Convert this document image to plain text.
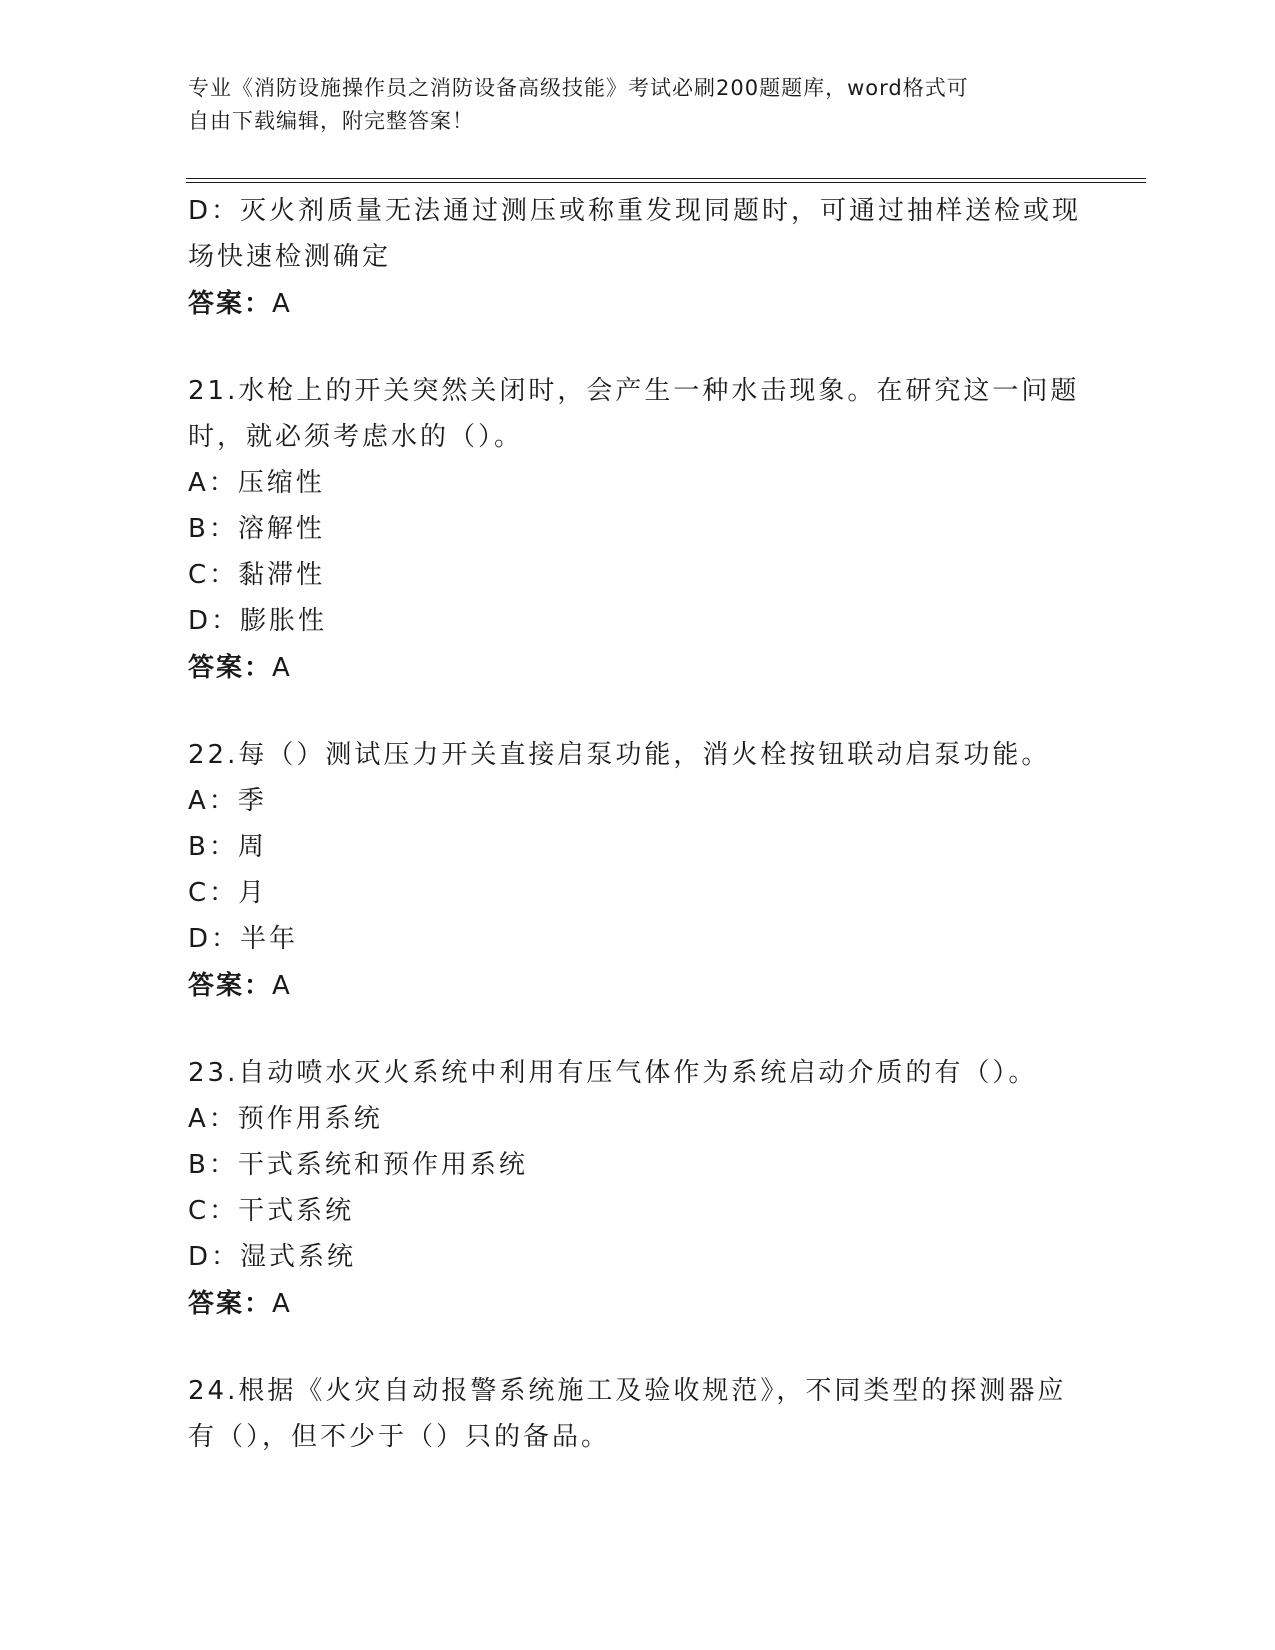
专业《消防设施操作员之消防设备高级技能》考试必刷200题题库，word格式可
自由下载编辑，附完整答案！
D：灭火剂质量无法通过测压或称重发现同题时，可通过抽样送检或现
场快速检测确定
答案：A
21.水枪上的开关突然关闭时，会产生一种水击现象。在研究这一问题
时，就必须考虑水的（）。
A：压缩性
B：溶解性
C：黏滞性
D：膨胀性
答案：A
22.每（）测试压力开关直接启泵功能，消火栓按钮联动启泵功能。
A：季
B：周
C：月
D：半年
答案：A
23.自动喷水灭火系统中利用有压气体作为系统启动介质的有（）。
A：预作用系统
B：干式系统和预作用系统
C：干式系统
D：湿式系统
答案：A
24.根据《火灾自动报警系统施工及验收规范》，不同类型的探测器应
有（），但不少于（）只的备品。
